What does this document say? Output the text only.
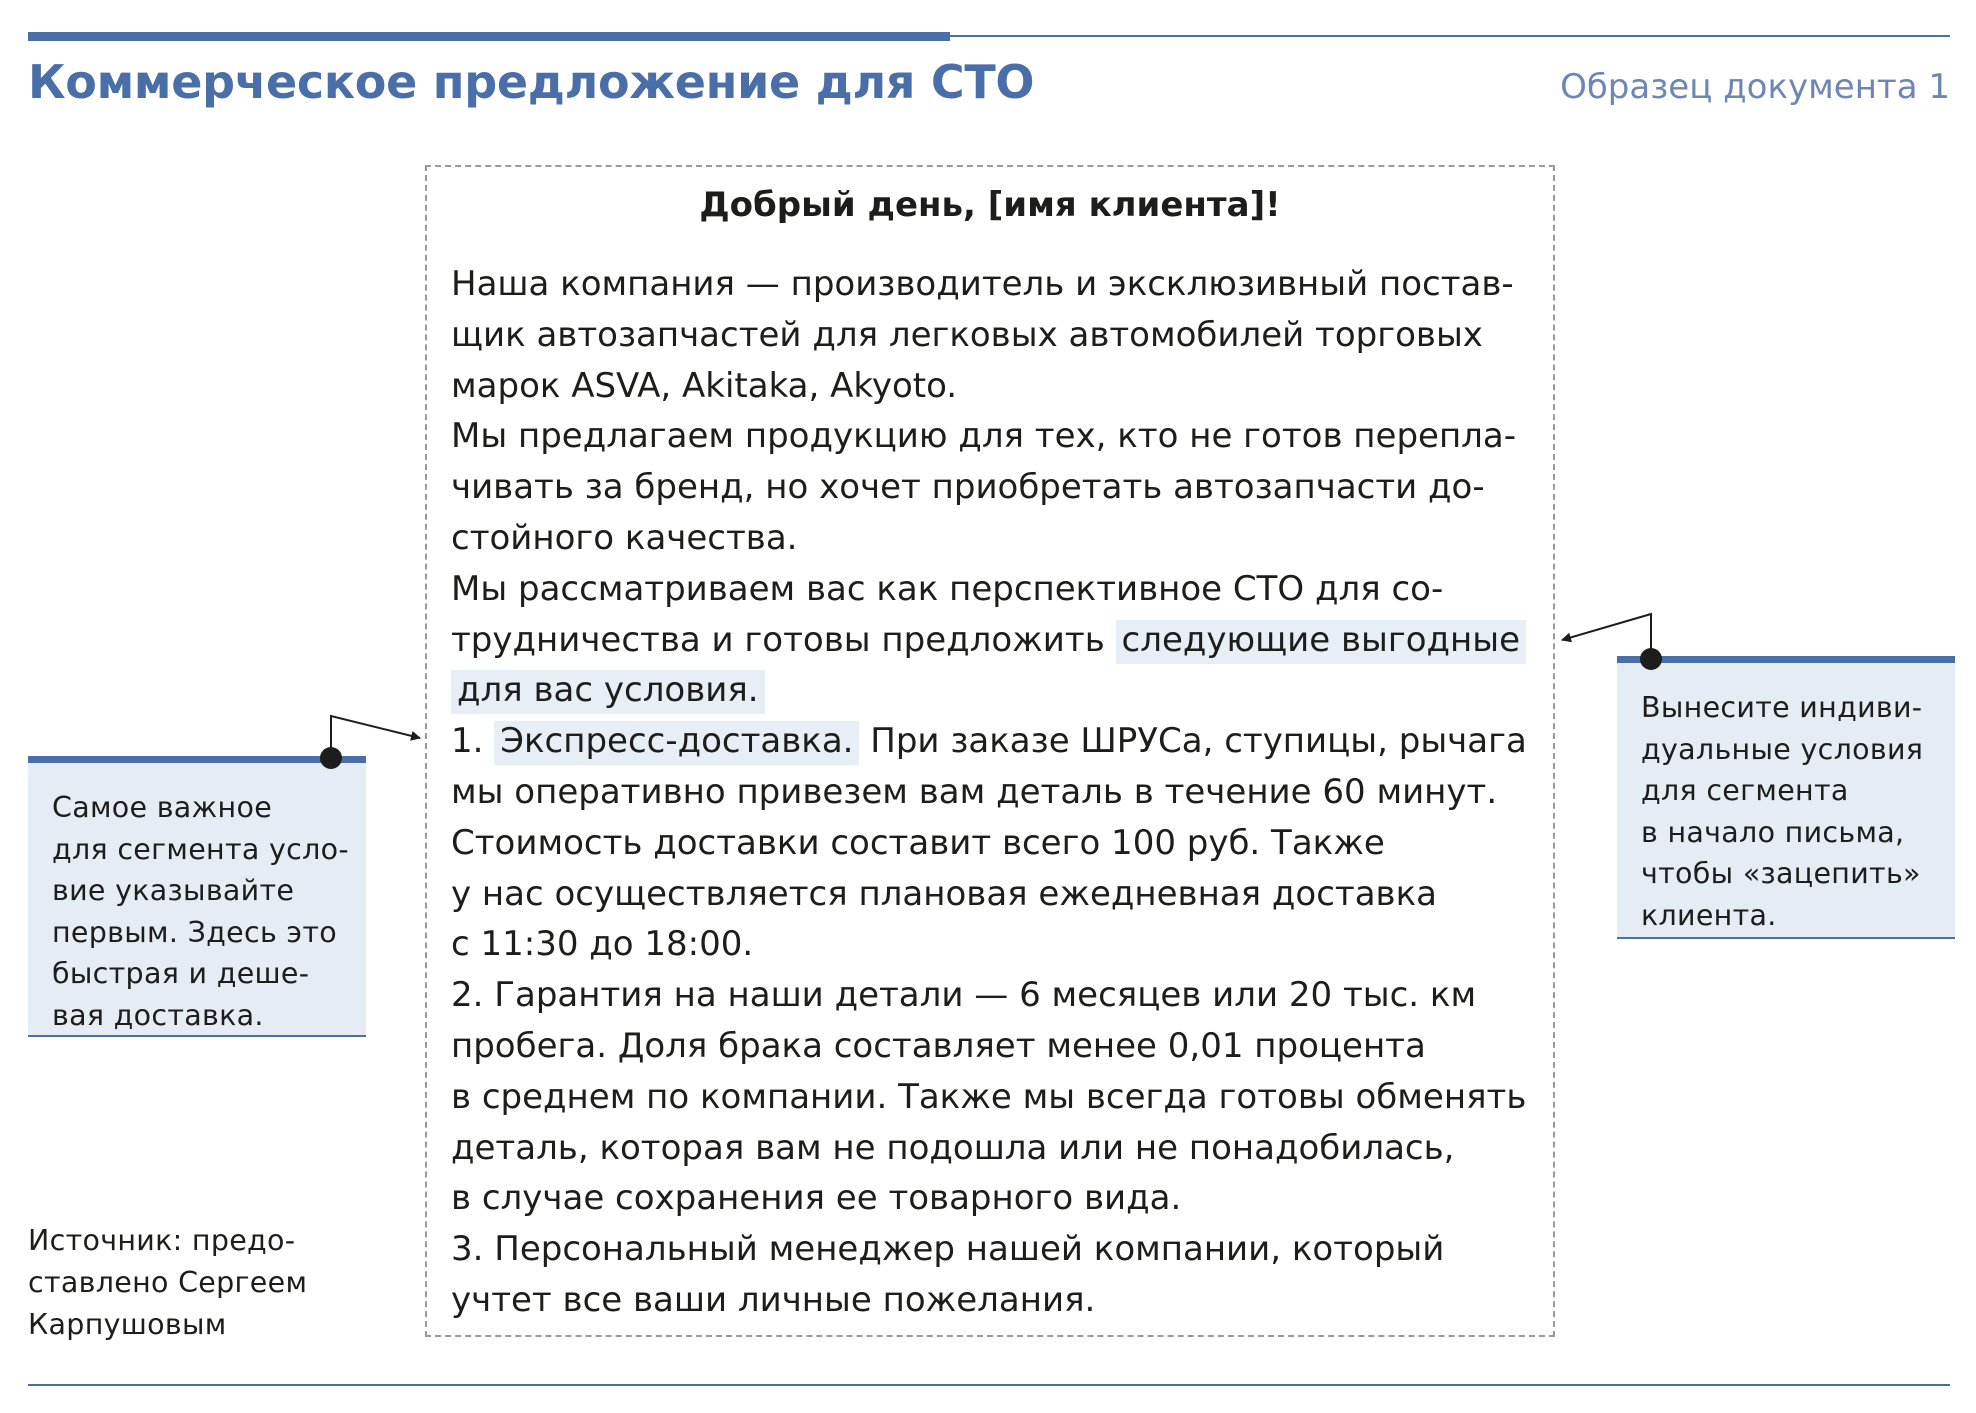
Коммерческое предложение для СТО	Образец документа 1
Добрый день, [имя клиента]!
Наша компания — производитель и эксклюзивный постав-
щик автозапчастей для легковых автомобилей торговых
марок ASVA, Akitaka, Akyoto.
Мы предлагаем продукцию для тех, кто не готов перепла-
чивать за бренд, но хочет приобретать автозапчасти до-
стойного качества.
Мы рассматриваем вас как перспективное СТО для со-
трудничества и готовы предложить следующие выгодные
для вас условия.
1. Экспресс-доставка. При заказе ШРУСа, ступицы, рычага
мы оперативно привезем вам деталь в течение 60 минут.
Стоимость доставки составит всего 100 руб. Также
у нас осуществляется плановая ежедневная доставка
с 11:30 до 18:00.
2. Гарантия на наши детали — 6 месяцев или 20 тыс. км
пробега. Доля брака составляет менее 0,01 процента
в среднем по компании. Также мы всегда готовы обменять
деталь, которая вам не подошла или не понадобилась,
в случае сохранения ее товарного вида.
3. Персональный менеджер нашей компании, который
учтет все ваши личные пожелания.
Самое важное
для сегмента усло-
вие указывайте
первым. Здесь это
быстрая и деше-
вая доставка.
Вынесите индиви-
дуальные условия
для сегмента
в начало письма,
чтобы «зацепить»
клиента.
Источник: предо-
ставлено Сергеем
Карпушовым
